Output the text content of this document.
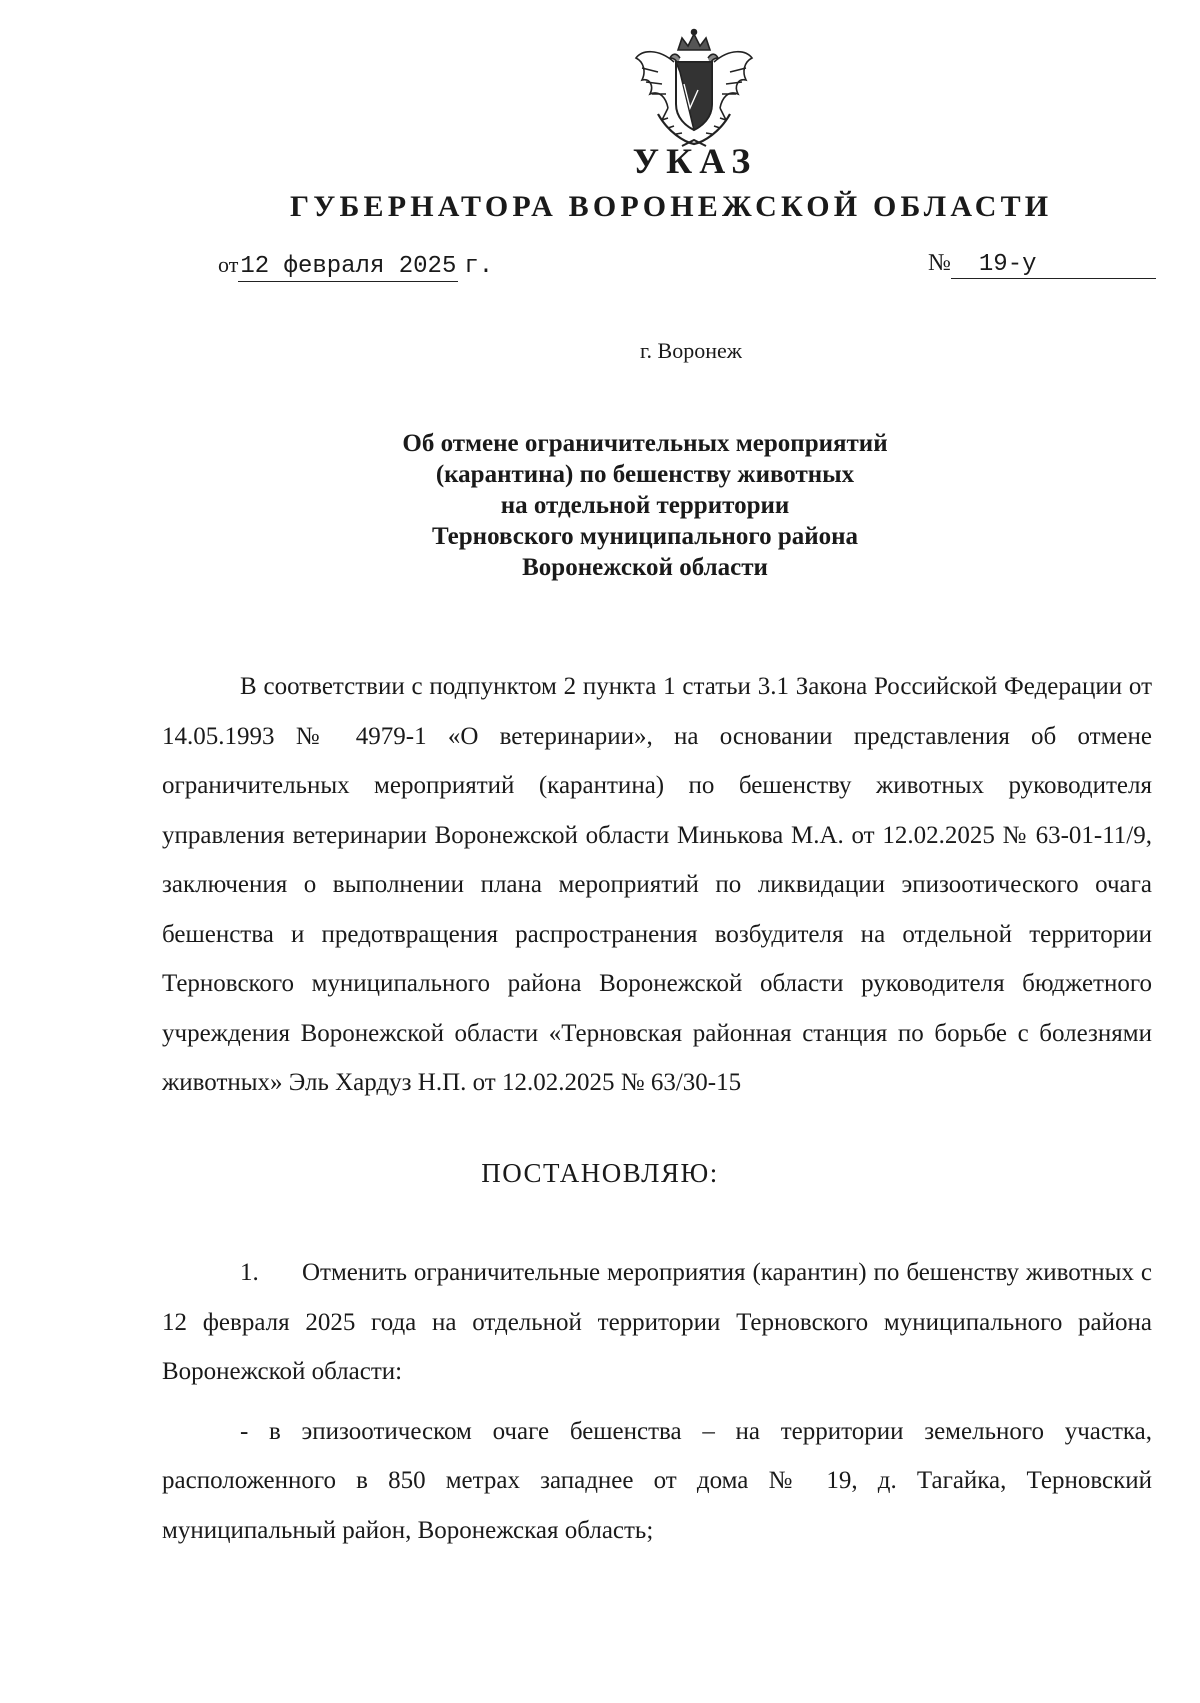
УКАЗ
ГУБЕРНАТОРА ВОРОНЕЖСКОЙ ОБЛАСТИ
от12 февраля 2025 г.	№ 19-у
г. Воронеж
Об отмене ограничительных мероприятий
(карантина) по бешенству животных
на отдельной территории
Терновского муниципального района
Воронежской области

В соответствии с подпунктом 2 пункта 1 статьи 3.1 Закона Российской Федерации от 14.05.1993 № 4979-1 «О ветеринарии», на основании представления об отмене ограничительных мероприятий (карантина) по бешенству животных руководителя управления ветеринарии Воронежской области Минькова М.А. от 12.02.2025 № 63-01-11/9, заключения о выполнении плана мероприятий по ликвидации эпизоотического очага бешенства и предотвращения распространения возбудителя на отдельной территории Терновского муниципального района Воронежской области руководителя бюджетного учреждения Воронежской области «Терновская районная станция по борьбе с болезнями животных» Эль Хардуз Н.П. от 12.02.2025 № 63/30-15

ПОСТАНОВЛЯЮ:

1. Отменить ограничительные мероприятия (карантин) по бешенству животных с 12 февраля 2025 года на отдельной территории Терновского муниципального района Воронежской области:

- в эпизоотическом очаге бешенства – на территории земельного участка, расположенного в 850 метрах западнее от дома № 19, д. Тагайка, Терновский муниципальный район, Воронежская область;
